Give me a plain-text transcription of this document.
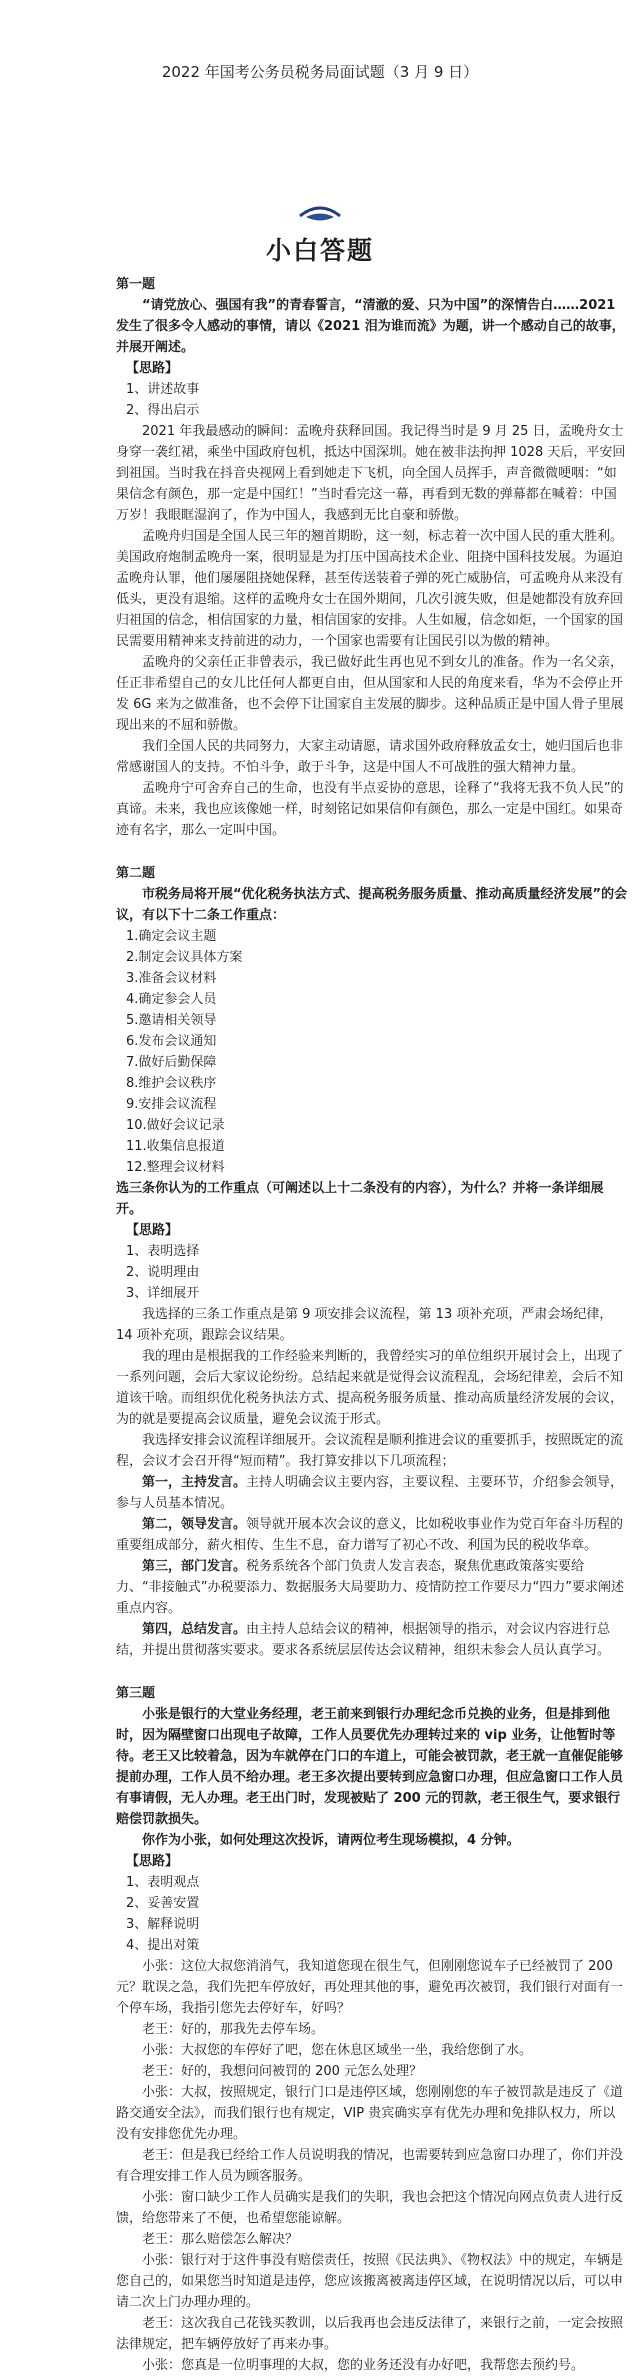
2022 年国考公务员税务局面试题（3 月 9 日）
小白答题
第一题

“请党放心、强国有我”的青春誓言，“清澈的爱、只为中国”的深情告白……2021 发生了很多令人感动的事情，请以《2021 泪为谁而流》为题，讲一个感动自己的故事，并展开阐述。

【思路】
1、讲述故事
2、得出启示

2021 年我最感动的瞬间：孟晚舟获释回国。我记得当时是 9 月 25 日，孟晚舟女士身穿一袭红裙，乘坐中国政府包机，抵达中国深圳。她在被非法拘押 1028 天后，平安回到祖国。当时我在抖音央视网上看到她走下飞机，向全国人员挥手，声音微微哽咽：“如果信念有颜色，那一定是中国红！”当时看完这一幕，再看到无数的弹幕都在喊着：中国万岁！我眼眶湿润了，作为中国人，我感到无比自豪和骄傲。

孟晚舟归国是全国人民三年的翘首期盼，这一刻，标志着一次中国人民的重大胜利。美国政府炮制孟晚舟一案，很明显是为打压中国高技术企业、阻挠中国科技发展。为逼迫孟晚舟认罪，他们屡屡阻挠她保释，甚至传送装着子弹的死亡威胁信，可孟晚舟从来没有低头，更没有退缩。这样的孟晚舟女士在国外期间，几次引渡失败，但是她都没有放弃回归祖国的信念，相信国家的力量，相信国家的安排。人生如履，信念如炬，一个国家的国民需要用精神来支持前进的动力，一个国家也需要有让国民引以为傲的精神。

孟晚舟的父亲任正非曾表示，我已做好此生再也见不到女儿的准备。作为一名父亲，任正非希望自己的女儿比任何人都更自由，但从国家和人民的角度来看，华为不会停止开发 6G 来为之做准备，也不会停下让国家自主发展的脚步。这种品质正是中国人骨子里展现出来的不屈和骄傲。

我们全国人民的共同努力，大家主动请愿，请求国外政府释放孟女士，她归国后也非常感谢国人的支持。不怕斗争，敢于斗争，这是中国人不可战胜的强大精神力量。

孟晚舟宁可舍弃自己的生命，也没有半点妥协的意思，诠释了“我将无我不负人民”的真谛。未来，我也应该像她一样，时刻铭记如果信仰有颜色，那么一定是中国红。如果奇迹有名字，那么一定叫中国。

第二题

市税务局将开展“优化税务执法方式、提高税务服务质量、推动高质量经济发展”的会议，有以下十二条工作重点：

1.确定会议主题
2.制定会议具体方案
3.准备会议材料
4.确定参会人员
5.邀请相关领导
6.发布会议通知
7.做好后勤保障
8.维护会议秩序
9.安排会议流程
10.做好会议记录
11.收集信息报道
12.整理会议材料

选三条你认为的工作重点（可阐述以上十二条没有的内容），为什么？并将一条详细展开。

【思路】
1、表明选择
2、说明理由
3、详细展开

我选择的三条工作重点是第 9 项安排会议流程，第 13 项补充项，严肃会场纪律，14 项补充项，跟踪会议结果。

我的理由是根据我的工作经验来判断的，我曾经实习的单位组织开展讨会上，出现了一系列问题，会后大家议论纷纷。总结起来就是觉得会议流程乱，会场纪律差，会后不知道该干啥。而组织优化税务执法方式、提高税务服务质量、推动高质量经济发展的会议，为的就是要提高会议质量，避免会议流于形式。

我选择安排会议流程详细展开。会议流程是顺利推进会议的重要抓手，按照既定的流程，会议才会召开得“短而精”。我打算安排以下几项流程；

第一，主持发言。主持人明确会议主要内容，主要议程、主要环节，介绍参会领导，参与人员基本情况。

第二，领导发言。领导就开展本次会议的意义，比如税收事业作为党百年奋斗历程的重要组成部分，薪火相传、生生不息，奋力谱写了初心不改、利国为民的税收华章。

第三，部门发言。税务系统各个部门负责人发言表态，聚焦优惠政策落实要给力、“非接触式”办税要添力、数据服务大局要助力、疫情防控工作要尽力“四力”要求阐述重点内容。

第四，总结发言。由主持人总结会议的精神，根据领导的指示，对会议内容进行总结，并提出贯彻落实要求。要求各系统层层传达会议精神，组织未参会人员认真学习。

第三题

小张是银行的大堂业务经理，老王前来到银行办理纪念币兑换的业务，但是排到他时，因为隔壁窗口出现电子故障，工作人员要优先办理转过来的 vip 业务，让他暂时等待。老王又比较着急，因为车就停在门口的车道上，可能会被罚款，老王就一直催促能够提前办理，工作人员不给办理。老王多次提出要转到应急窗口办理，但应急窗口工作人员有事请假，无人办理。老王出门时，发现被贴了 200 元的罚款，老王很生气，要求银行赔偿罚款损失。

你作为小张，如何处理这次投诉，请两位考生现场模拟，4 分钟。

【思路】
1、表明观点
2、妥善安置
3、解释说明
4、提出对策

小张：这位大叔您消消气，我知道您现在很生气，但刚刚您说车子已经被罚了 200 元？耽误之急，我们先把车停放好，再处理其他的事，避免再次被罚，我们银行对面有一个停车场，我指引您先去停好车，好吗？

老王：好的，那我先去停车场。

小张：大叔您的车停好了吧，您在休息区域坐一坐，我给您倒了水。

老王：好的，我想问问被罚的 200 元怎么处理？

小张：大叔，按照规定，银行门口是违停区域，您刚刚您的车子被罚款是违反了《道路交通安全法》，而我们银行也有规定，VIP 贵宾确实享有优先办理和免排队权力，所以没有安排您优先办理。

老王：但是我已经给工作人员说明我的情况，也需要转到应急窗口办理了，你们并没有合理安排工作人员为顾客服务。

小张：窗口缺少工作人员确实是我们的失职，我也会把这个情况向网点负责人进行反馈，给您带来了不便，也希望您能谅解。

老王：那么赔偿怎么解决？

小张：银行对于这件事没有赔偿责任，按照《民法典》、《物权法》中的规定，车辆是您自己的，如果您当时知道是违停，您应该搬离被离违停区域，在说明情况以后，可以申请二次上门办理办理的。

老王：这次我自己花钱买教训，以后我再也会违反法律了，来银行之前，一定会按照法律规定，把车辆停放好了再来办事。

小张：您真是一位明事理的大叔，您的业务还没有办好吧，我帮您去预约号。
